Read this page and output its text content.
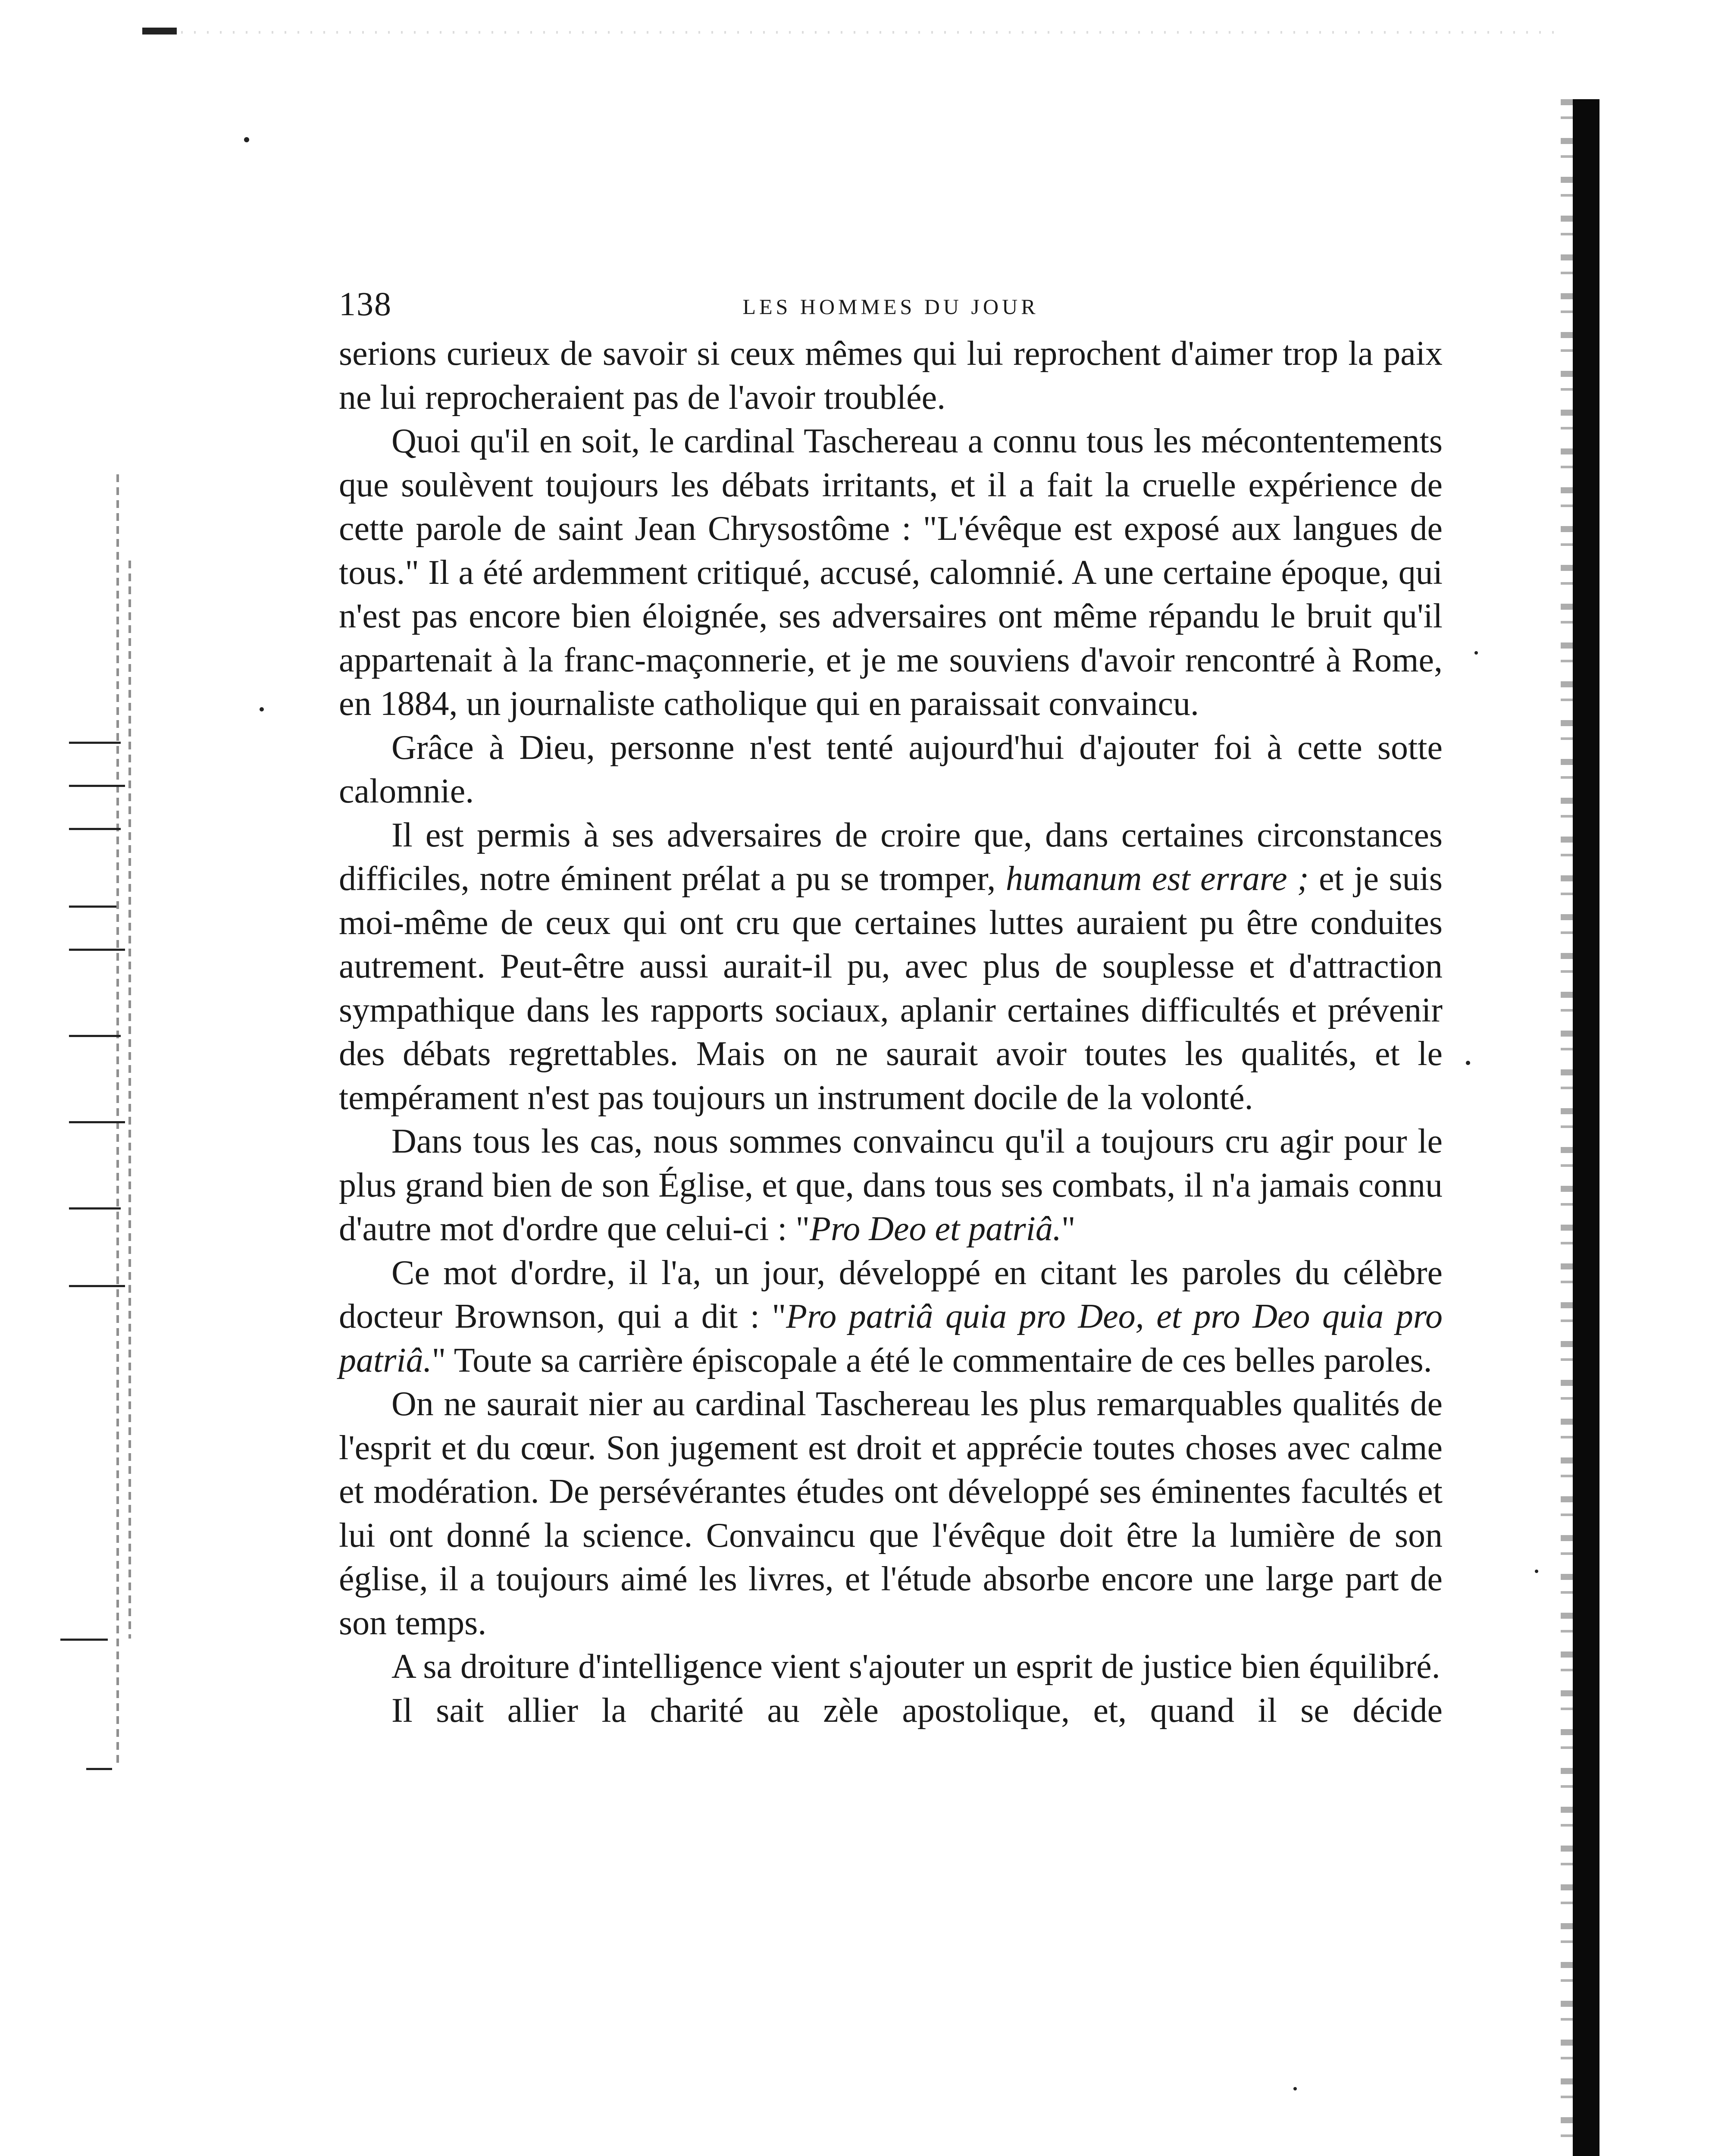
138	LES HOMMES DU JOUR

serions curieux de savoir si ceux mêmes qui lui reprochent d'aimer trop la paix ne lui reprocheraient pas de l'avoir troublée.

Quoi qu'il en soit, le cardinal Taschereau a connu tous les mécontentements que soulèvent toujours les débats irritants, et il a fait la cruelle expérience de cette parole de saint Jean Chrysostôme : "L'évêque est exposé aux langues de tous." Il a été ardemment critiqué, accusé, calomnié. A une certaine époque, qui n'est pas encore bien éloignée, ses adversaires ont même répandu le bruit qu'il appartenait à la franc-maçonnerie, et je me souviens d'avoir rencontré à Rome, en 1884, un journaliste catholique qui en paraissait convaincu.

Grâce à Dieu, personne n'est tenté aujourd'hui d'ajouter foi à cette sotte calomnie.

Il est permis à ses adversaires de croire que, dans certaines circonstances difficiles, notre éminent prélat a pu se tromper, humanum est errare ; et je suis moi-même de ceux qui ont cru que certaines luttes auraient pu être conduites autrement. Peut-être aussi aurait-il pu, avec plus de souplesse et d'attraction sympathique dans les rapports sociaux, aplanir certaines difficultés et prévenir des débats regrettables. Mais on ne saurait avoir toutes les qualités, et le tempérament n'est pas toujours un instrument docile de la volonté.

Dans tous les cas, nous sommes convaincu qu'il a toujours cru agir pour le plus grand bien de son Église, et que, dans tous ses combats, il n'a jamais connu d'autre mot d'ordre que celui-ci : "Pro Deo et patriâ."

Ce mot d'ordre, il l'a, un jour, développé en citant les paroles du célèbre docteur Brownson, qui a dit : "Pro patriâ quia pro Deo, et pro Deo quia pro patriâ." Toute sa carrière épiscopale a été le commentaire de ces belles paroles.

On ne saurait nier au cardinal Taschereau les plus remarquables qualités de l'esprit et du cœur. Son jugement est droit et apprécie toutes choses avec calme et modération. De persévérantes études ont développé ses éminentes facultés et lui ont donné la science. Convaincu que l'évêque doit être la lumière de son église, il a toujours aimé les livres, et l'étude absorbe encore une large part de son temps.

A sa droiture d'intelligence vient s'ajouter un esprit de justice bien équilibré.

Il sait allier la charité au zèle apostolique, et, quand il se décide
